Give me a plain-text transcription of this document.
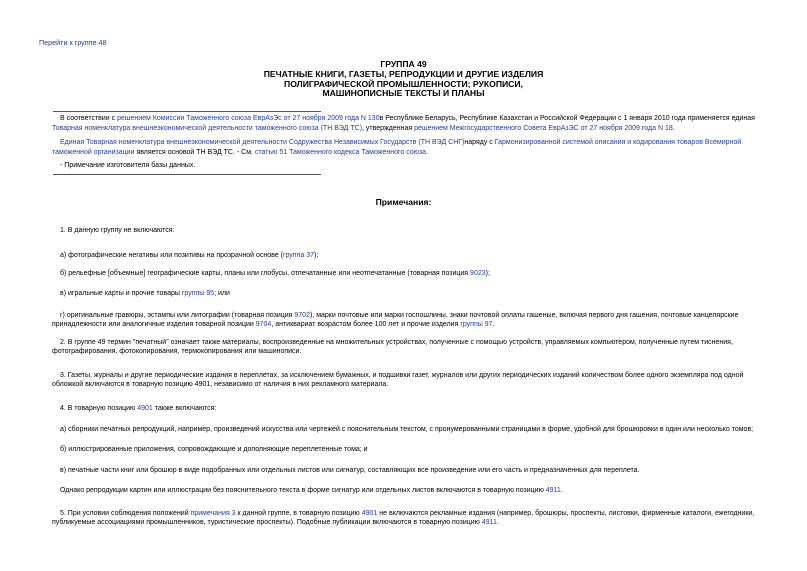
Перейти к группе 48
ГРУППА 49
ПЕЧАТНЫЕ КНИГИ, ГАЗЕТЫ, РЕПРОДУКЦИИ И ДРУГИЕ ИЗДЕЛИЯ
ПОЛИГРАФИЧЕСКОЙ ПРОМЫШЛЕННОСТИ; РУКОПИСИ,
МАШИНОПИСНЫЕ ТЕКСТЫ И ПЛАНЫ

В соответствии с решением Комиссии Таможенного союза ЕврАзЭс от 27 ноября 2009 года N 130в Республике Беларусь, Республике Казахстан и Российской Федерации с 1 января 2010 года применяется единая Товарная номенклатура внешнеэкономической деятельности таможенного союза (ТН ВЭД ТС), утвержденная решением Межгосударственного Совета ЕврАзЭС от 27 ноября 2009 года N 18.

Единая Товарная номенклатура внешнеэкономической деятельности Содружества Независимых Государств (ТН ВЭД СНГ)наряду с Гармонизированной системой описания и кодирования товаров Всемирной таможенной организации является основой ТН ВЭД ТС. - См. статью 51 Таможенного кодекса Таможенного союза.

- Примечание изготовителя базы данных.

Примечания:

1. В данную группу не включаются:

а) фотографические негативы или позитивы на прозрачной основе (группа 37);

б) рельефные [объемные] географические карты, планы или глобусы, отпечатанные или неотпечатанные (товарная позиция 9023);

в) игральные карты и прочие товары группы 95; или

г) оригинальные гравюры, эстампы или литографии (товарная позиция 9702), марки почтовые или марки госпошлины, знаки почтовой оплаты гашеные, включая первого дня гашения, почтовые канцелярские принадлежности или аналогичные изделия товарной позиции 9704, антиквариат возрастом более 100 лет и прочие изделия группы 97.

2. В группе 49 термин "печатный" означает также материалы, воспроизведенные на множительных устройствах, полученные с помощью устройств, управляемых компьютером, полученные путем тиснения, фотографирования, фотокопирования, термокопирования или машинописи.

3. Газеты, журналы и другие периодические издания в переплетах, за исключением бумажных, и подшивки газет, журналов или других периодических изданий количеством более одного экземпляра под одной обложкой включаются в товарную позицию 4901, независимо от наличия в них рекламного материала.

4. В товарную позицию 4901 также включаются:

а) сборники печатных репродукций, например, произведений искусства или чертежей с пояснительным текстом, с пронумерованными страницами в форме, удобной для брошюровки в один или несколько томов;

б) иллюстрированные приложения, сопровождающие и дополняющие переплетенные тома; и

в) печатные части книг или брошюр в виде подобранных или отдельных листов или сигнатур, составляющих все произведение или его часть и предназначенных для переплета.

Однако репродукции картин или иллюстрации без пояснительного текста в форме сигнатур или отдельных листов включаются в товарную позицию 4911.

5. При условии соблюдения положений примечания 3 к данной группе, в товарную позицию 4901 не включаются рекламные издания (например, брошюры, проспекты, листовки, фирменные каталоги, ежегодники, публикуемые ассоциациями промышленников, туристические проспекты). Подобные публикации включаются в товарную позицию 4911.
